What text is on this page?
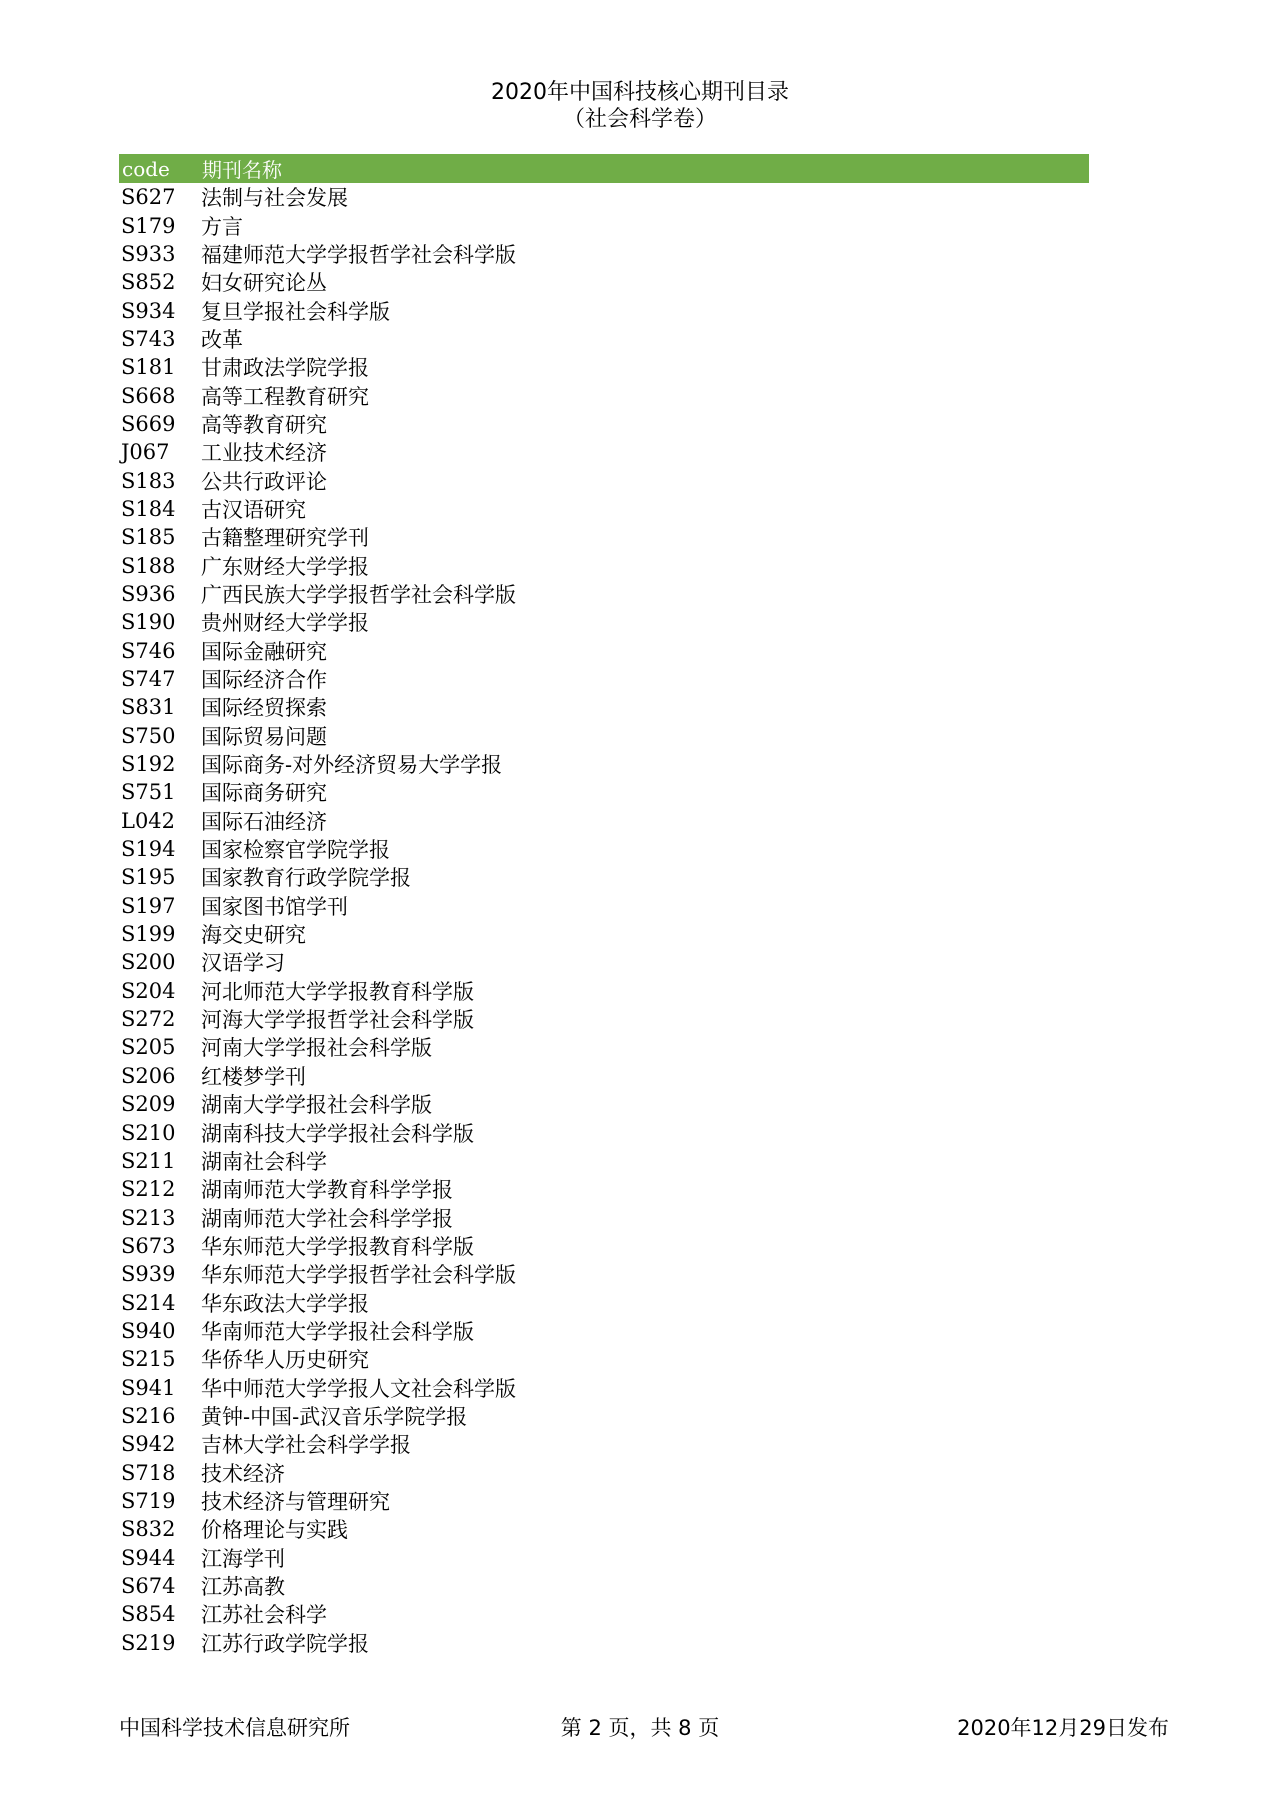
2020年中国科技核心期刊目录
（社会科学卷）
code	期刊名称
S627	法制与社会发展
S179	方言
S933	福建师范大学学报哲学社会科学版
S852	妇女研究论丛
S934	复旦学报社会科学版
S743	改革
S181	甘肃政法学院学报
S668	高等工程教育研究
S669	高等教育研究
J067	工业技术经济
S183	公共行政评论
S184	古汉语研究
S185	古籍整理研究学刊
S188	广东财经大学学报
S936	广西民族大学学报哲学社会科学版
S190	贵州财经大学学报
S746	国际金融研究
S747	国际经济合作
S831	国际经贸探索
S750	国际贸易问题
S192	国际商务-对外经济贸易大学学报
S751	国际商务研究
L042	国际石油经济
S194	国家检察官学院学报
S195	国家教育行政学院学报
S197	国家图书馆学刊
S199	海交史研究
S200	汉语学习
S204	河北师范大学学报教育科学版
S272	河海大学学报哲学社会科学版
S205	河南大学学报社会科学版
S206	红楼梦学刊
S209	湖南大学学报社会科学版
S210	湖南科技大学学报社会科学版
S211	湖南社会科学
S212	湖南师范大学教育科学学报
S213	湖南师范大学社会科学学报
S673	华东师范大学学报教育科学版
S939	华东师范大学学报哲学社会科学版
S214	华东政法大学学报
S940	华南师范大学学报社会科学版
S215	华侨华人历史研究
S941	华中师范大学学报人文社会科学版
S216	黄钟-中国-武汉音乐学院学报
S942	吉林大学社会科学学报
S718	技术经济
S719	技术经济与管理研究
S832	价格理论与实践
S944	江海学刊
S674	江苏高教
S854	江苏社会科学
S219	江苏行政学院学报
中国科学技术信息研究所	第 2 页，共 8 页	2020年12月29日发布
